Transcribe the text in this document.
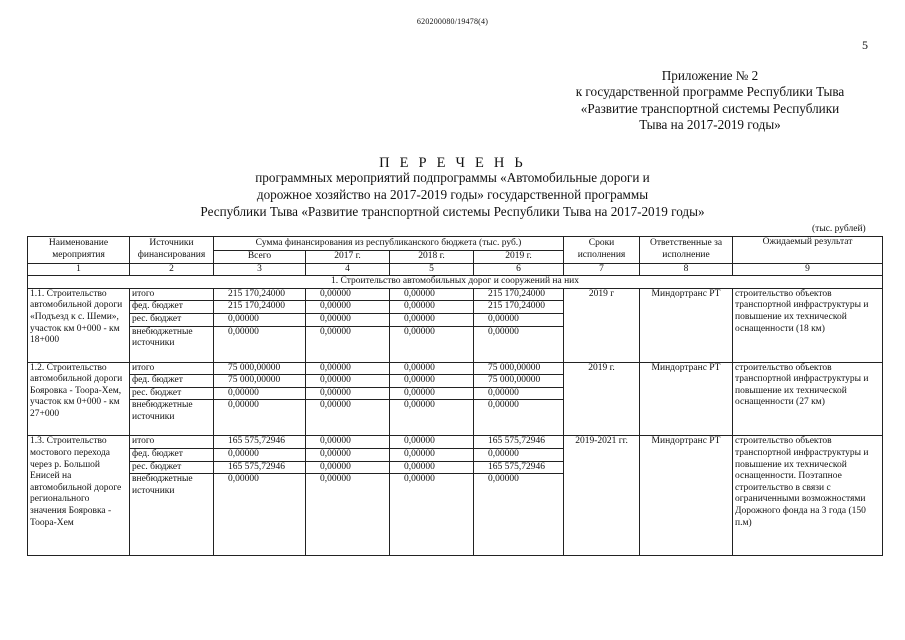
620200080/19478(4)
5
Приложение № 2
к государственной программе Республики Тыва
«Развитие транспортной системы Республики
Тыва на 2017-2019 годы»
П Е Р Е Ч Е Н Ь
программных мероприятий подпрограммы «Автомобильные дороги и
дорожное хозяйство на 2017-2019 годы» государственной программы
Республики Тыва «Развитие транспортной системы Республики Тыва на 2017-2019 годы»
(тыс. рублей)
Наименование мероприятия	Источники финансирования	Сумма финансирования из республиканского бюджета (тыс. руб.)				Сроки исполнения	Ответственные за исполнение	Ожидаемый результат
		Всего	2017 г.	2018 г.	2019 г.			
1	2	3	4	5	6	7	8	9
1. Строительство автомобильных дорог и сооружений на них								
1.1. Строительство автомобильной дороги «Подъезд к с. Шеми», участок км 0+000 - км 18+000	итого	215 170,24000	0,00000	0,00000	215 170,24000	2019 г	Миндортранс РТ	строительство объектов транспортной инфраструктуры и повышение их технической оснащенности (18 км)
	фед. бюджет	215 170,24000	0,00000	0,00000	215 170,24000			
	рес. бюджет	0,00000	0,00000	0,00000	0,00000			
	внебюджетные источники	0,00000	0,00000	0,00000	0,00000			
1.2. Строительство автомобильной дороги Бояровка - Тоора-Хем, участок км 0+000 - км 27+000	итого	75 000,00000	0,00000	0,00000	75 000,00000	2019 г.	Миндортранс РТ	строительство объектов транспортной инфраструктуры и повышение их технической оснащенности (27 км)
	фед. бюджет	75 000,00000	0,00000	0,00000	75 000,00000			
	рес. бюджет	0,00000	0,00000	0,00000	0,00000			
	внебюджетные источники	0,00000	0,00000	0,00000	0,00000			
1.3. Строительство мостового перехода через р. Большой Енисей на автомобильной дороге регионального значения Бояровка - Тоора-Хем	итого	165 575,72946	0,00000	0,00000	165 575,72946	2019-2021 гг.	Миндортранс РТ	строительство объектов транспортной инфраструктуры и повышение их технической оснащенности. Поэтапное строительство в связи с ограниченными возможностями Дорожного фонда на 3 года (150 п.м)
	фед. бюджет	0,00000	0,00000	0,00000	0,00000			
	рес. бюджет	165 575,72946	0,00000	0,00000	165 575,72946			
	внебюджетные источники	0,00000	0,00000	0,00000	0,00000			
